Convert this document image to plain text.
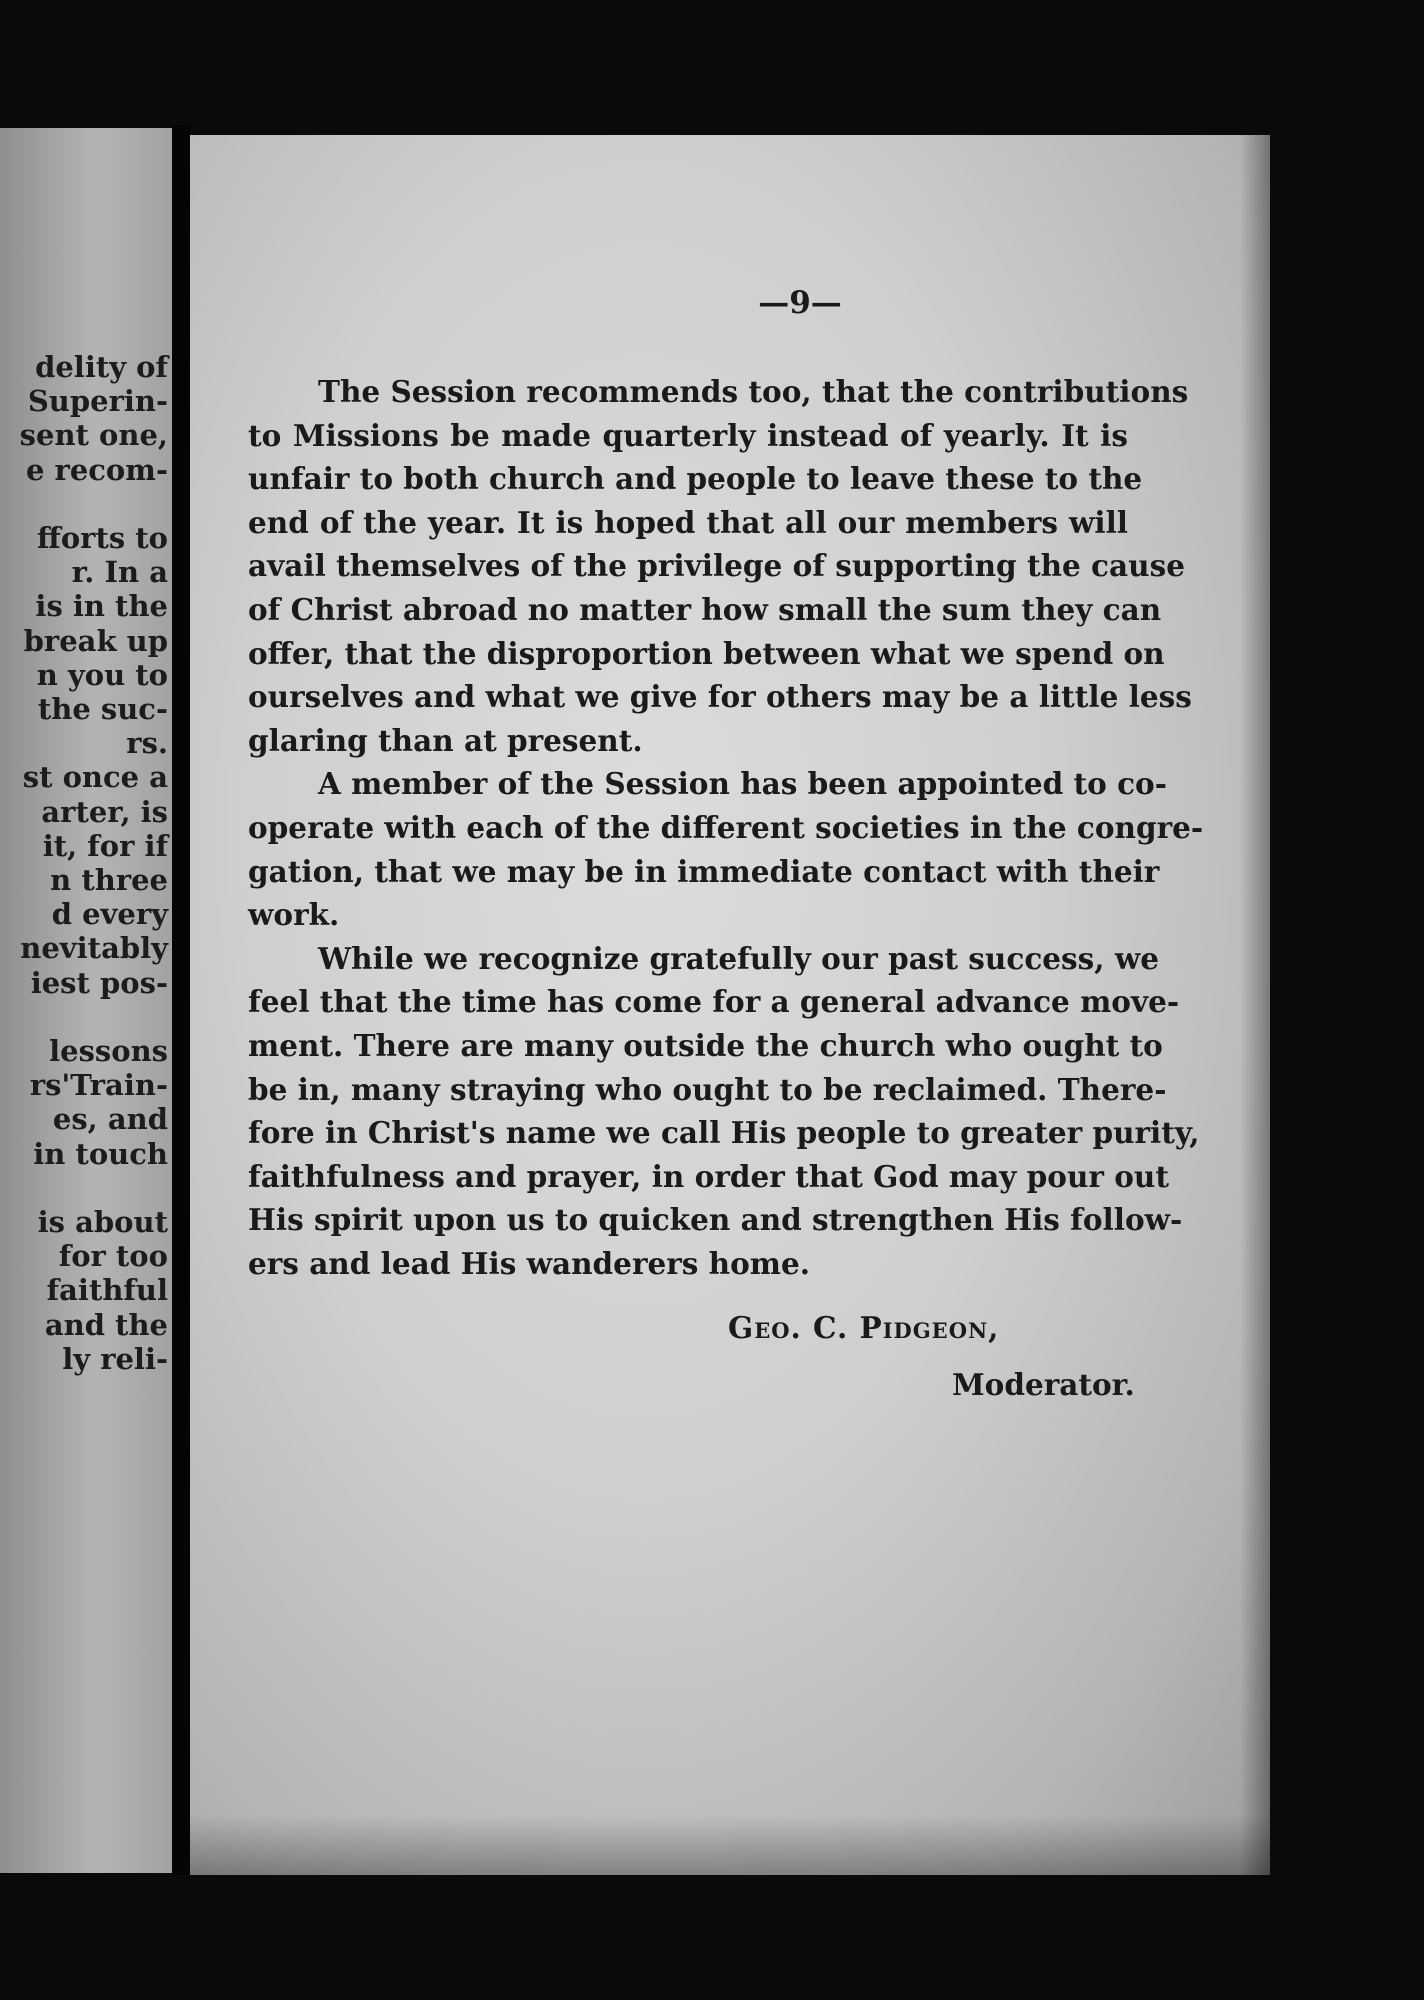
delity of
Superin-
sent one,
e recom-
fforts to
r. In a
is in the
break up
n you to
the suc-
rs.
st once a
arter, is
it, for if
n three
d every
nevitably
iest pos-
lessons
rs'Train-
es, and
in touch
is about
for too
faithful
and the
ly reli-
—9—
The Session recommends too, that the contributions
to Missions be made quarterly instead of yearly. It is
unfair to both church and people to leave these to the
end of the year. It is hoped that all our members will
avail themselves of the privilege of supporting the cause
of Christ abroad no matter how small the sum they can
offer, that the disproportion between what we spend on
ourselves and what we give for others may be a little less
glaring than at present.
A member of the Session has been appointed to co-
operate with each of the different societies in the congre-
gation, that we may be in immediate contact with their
work.
While we recognize gratefully our past success, we
feel that the time has come for a general advance move-
ment. There are many outside the church who ought to
be in, many straying who ought to be reclaimed. There-
fore in Christ's name we call His people to greater purity,
faithfulness and prayer, in order that God may pour out
His spirit upon us to quicken and strengthen His follow-
ers and lead His wanderers home.
Geo. C. Pidgeon,
Moderator.
